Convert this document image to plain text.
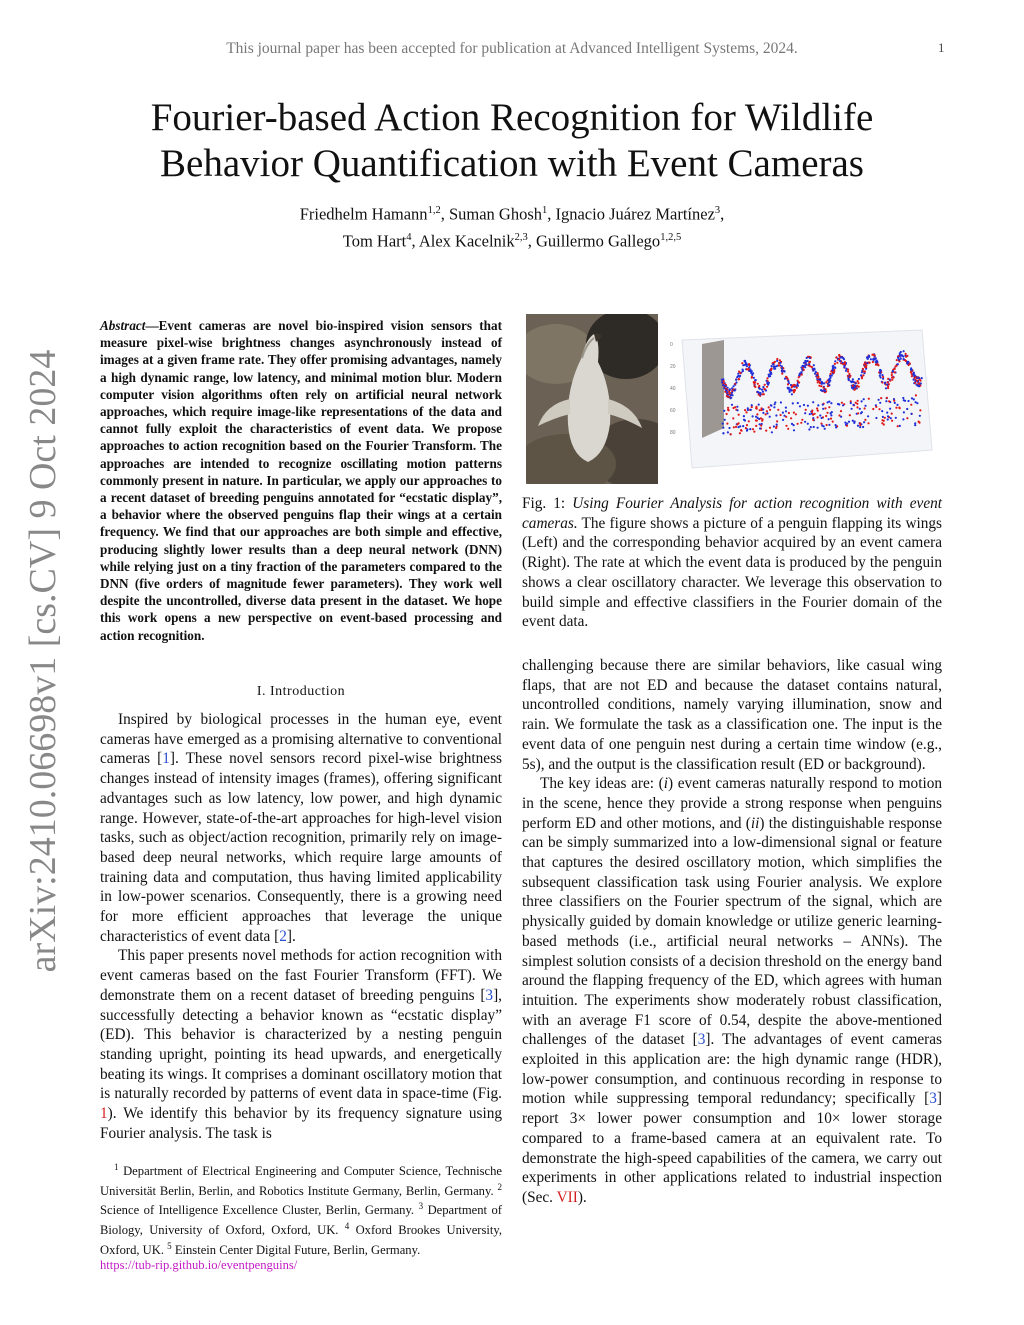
This journal paper has been accepted for publication at Advanced Intelligent Systems, 2024.	1
Fourier-based Action Recognition for Wildlife
Behavior Quantification with Event Cameras
Friedhelm Hamann$^{1,2}$, Suman Ghosh$^1$, Ignacio Juárez Martínez$^3$,
Tom Hart$^4$, Alex Kacelnik$^{2,3}$, Guillermo Gallego$^{1,2,5}$
arXiv:2410.06698v1 [cs.CV] 9 Oct 2024
Abstract—Event cameras are novel bio-inspired vision sensors that measure pixel-wise brightness changes asynchronously instead of images at a given frame rate. They offer promising advantages, namely a high dynamic range, low latency, and minimal motion blur. Modern computer vision algorithms often rely on artificial neural network approaches, which require image-like representations of the data and cannot fully exploit the characteristics of event data. We propose approaches to action recognition based on the Fourier Transform. The approaches are intended to recognize oscillating motion patterns commonly present in nature. In particular, we apply our approaches to a recent dataset of breeding penguins annotated for “ecstatic display”, a behavior where the observed penguins flap their wings at a certain frequency. We find that our approaches are both simple and effective, producing slightly lower results than a deep neural network (DNN) while relying just on a tiny fraction of the parameters compared to the DNN (five orders of magnitude fewer parameters). They work well despite the uncontrolled, diverse data present in the dataset. We hope this work opens a new perspective on event-based processing and action recognition.
I. Introduction

Inspired by biological processes in the human eye, event cameras have emerged as a promising alternative to conventional cameras [1]. These novel sensors record pixel-wise brightness changes instead of intensity images (frames), offering significant advantages such as low latency, low power, and high dynamic range. However, state-of-the-art approaches for high-level vision tasks, such as object/action recognition, primarily rely on image-based deep neural networks, which require large amounts of training data and computation, thus having limited applicability in low-power scenarios. Consequently, there is a growing need for more efficient approaches that leverage the unique characteristics of event data [2].

This paper presents novel methods for action recognition with event cameras based on the fast Fourier Transform (FFT). We demonstrate them on a recent dataset of breeding penguins [3], successfully detecting a behavior known as “ecstatic display” (ED). This behavior is characterized by a nesting penguin standing upright, pointing its head upwards, and energetically beating its wings. It comprises a dominant oscillatory motion that is naturally recorded by patterns of event data in space-time (Fig. 1). We identify this behavior by its frequency signature using Fourier analysis. The task is

$^1$ Department of Electrical Engineering and Computer Science, Technische Universität Berlin, Berlin, and Robotics Institute Germany, Berlin, Germany. $^2$ Science of Intelligence Excellence Cluster, Berlin, Germany. $^3$ Department of Biology, University of Oxford, Oxford, UK. $^4$ Oxford Brookes University, Oxford, UK. $^5$ Einstein Center Digital Future, Berlin, Germany.
https://tub-rip.github.io/eventpenguins/
0
20
40
60
80
Fig. 1: Using Fourier Analysis for action recognition with event cameras. The figure shows a picture of a penguin flapping its wings (Left) and the corresponding behavior acquired by an event camera (Right). The rate at which the event data is produced by the penguin shows a clear oscillatory character. We leverage this observation to build simple and effective classifiers in the Fourier domain of the event data.

challenging because there are similar behaviors, like casual wing flaps, that are not ED and because the dataset contains natural, uncontrolled conditions, namely varying illumination, snow and rain. We formulate the task as a classification one. The input is the event data of one penguin nest during a certain time window (e.g., 5s), and the output is the classification result (ED or background).

The key ideas are: (i) event cameras naturally respond to motion in the scene, hence they provide a strong response when penguins perform ED and other motions, and (ii) the distinguishable response can be simply summarized into a low-dimensional signal or feature that captures the desired oscillatory motion, which simplifies the subsequent classification task using Fourier analysis. We explore three classifiers on the Fourier spectrum of the signal, which are physically guided by domain knowledge or utilize generic learning-based methods (i.e., artificial neural networks – ANNs). The simplest solution consists of a decision threshold on the energy band around the flapping frequency of the ED, which agrees with human intuition. The experiments show moderately robust classification, with an average F1 score of 0.54, despite the above-mentioned challenges of the dataset [3]. The advantages of event cameras exploited in this application are: the high dynamic range (HDR), low-power consumption, and continuous recording in response to motion while suppressing temporal redundancy; specifically [3] report 3× lower power consumption and 10× lower storage compared to a frame-based camera at an equivalent rate. To demonstrate the high-speed capabilities of the camera, we carry out experiments in other applications related to industrial inspection (Sec. VII).
